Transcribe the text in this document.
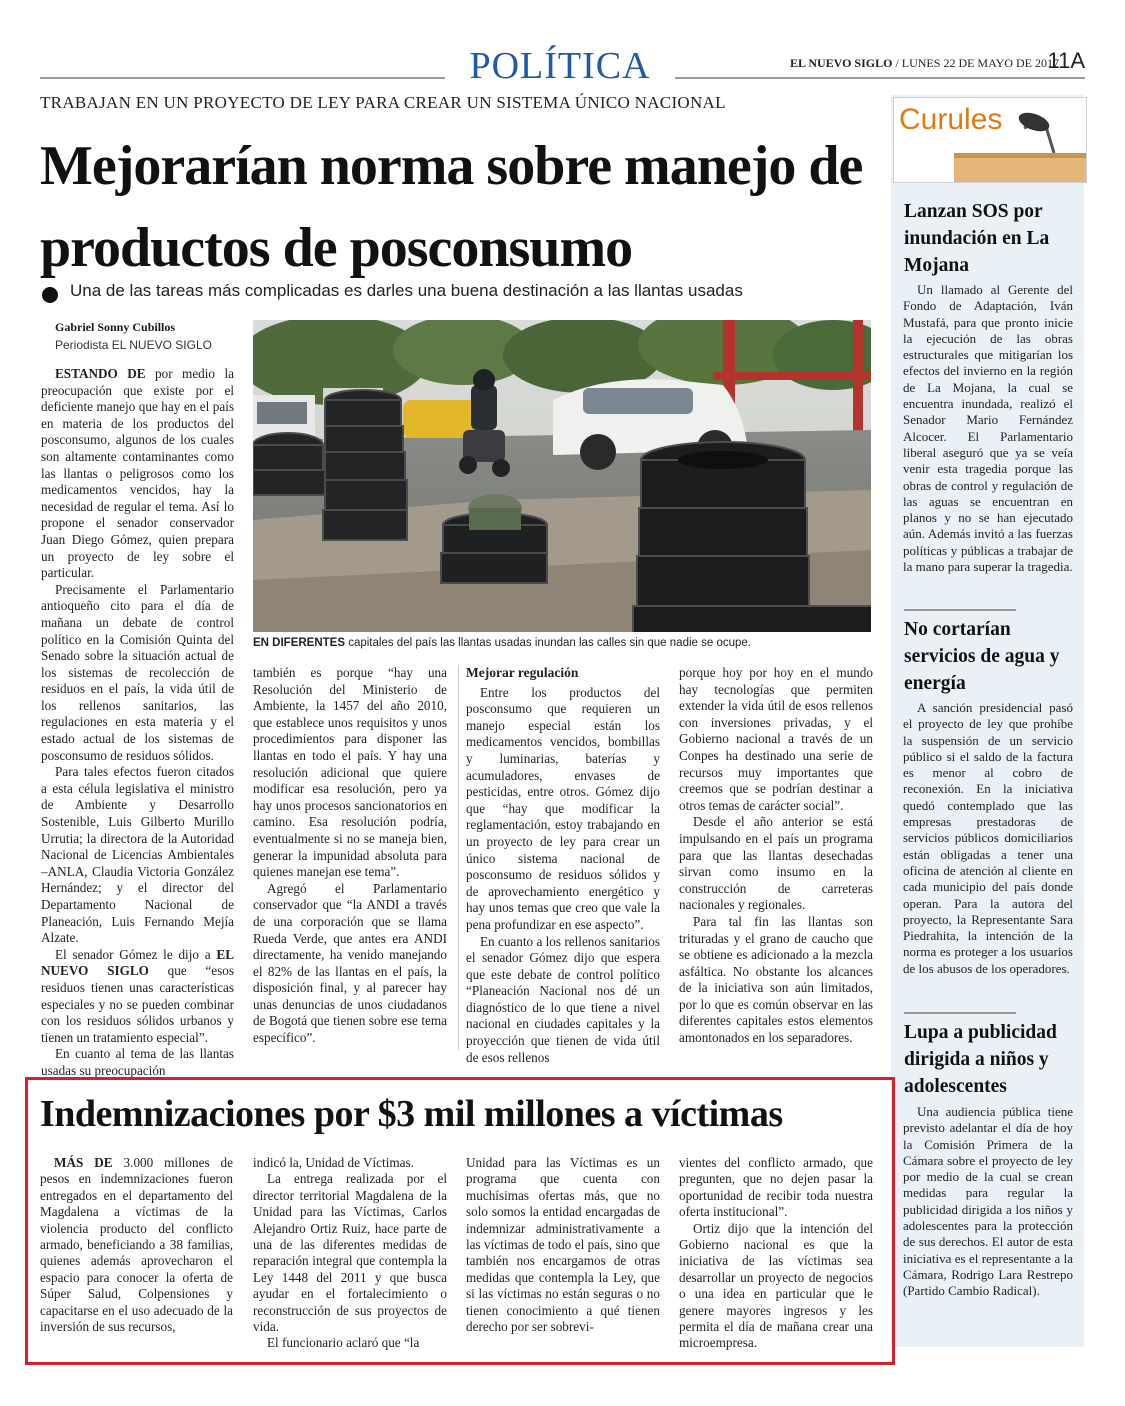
POLÍTICA	EL NUEVO SIGLO / LUNES 22 DE MAYO DE 2017
11A
TRABAJAN EN UN PROYECTO DE LEY PARA CREAR UN SISTEMA ÚNICO NACIONAL
Mejorarían norma sobre manejo de productos de posconsumo
Una de las tareas más complicadas es darles una buena destinación a las llantas usadas
Gabriel Sonny Cubillos
Periodista EL NUEVO SIGLO

ESTANDO DE por medio la preocupación que existe por el deficiente manejo que hay en el país en materia de los productos del posconsumo, algunos de los cuales son altamente contaminantes como las llantas o peligrosos como los medicamentos vencidos, hay la necesidad de regular el tema. Así lo propone el senador conservador Juan Diego Gómez, quien prepara un proyecto de ley sobre el particular.

Precisamente el Parlamentario antioqueño cito para el día de mañana un debate de control político en la Comisión Quinta del Senado sobre la situación actual de los sistemas de recolección de residuos en el país, la vida útil de los rellenos sanitarios, las regulaciones en esta materia y el estado actual de los sistemas de posconsumo de residuos sólidos.

Para tales efectos fueron citados a esta célula legislativa el ministro de Ambiente y Desarrollo Sostenible, Luis Gilberto Murillo Urrutia; la directora de la Autoridad Nacional de Licencias Ambientales –ANLA, Claudia Victoria González Hernández; y el director del Departamento Nacional de Planeación, Luis Fernando Mejía Alzate.

El senador Gómez le dijo a EL NUEVO SIGLO que “esos residuos tienen unas características especiales y no se pueden combinar con los residuos sólidos urbanos y tienen un tratamiento especial”.

En cuanto al tema de las llantas usadas su preocupación

EN DIFERENTES capitales del país las llantas usadas inundan las calles sin que nadie se ocupe.

también es porque “hay una Resolución del Ministerio de Ambiente, la 1457 del año 2010, que establece unos requisitos y unos procedimientos para disponer las llantas en todo el país. Y hay una resolución adicional que quiere modificar esa resolución, pero ya hay unos procesos sancionatorios en camino. Esa resolución podría, eventualmente si no se maneja bien, generar la impunidad absoluta para quienes manejan ese tema”.

Agregó el Parlamentario conservador que “la ANDI a través de una corporación que se llama Rueda Verde, que antes era ANDI directamente, ha venido manejando el 82% de las llantas en el país, la disposición final, y al parecer hay unas denuncias de unos ciudadanos de Bogotá que tienen sobre ese tema específico”.

Mejorar regulación

Entre los productos del posconsumo que requieren un manejo especial están los medicamentos vencidos, bombillas y luminarias, baterías y acumuladores, envases de pesticidas, entre otros. Gómez dijo que “hay que modificar la reglamentación, estoy trabajando en un proyecto de ley para crear un único sistema nacional de posconsumo de residuos sólidos y de aprovechamiento energético y hay unos temas que creo que vale la pena profundizar en ese aspecto”.

En cuanto a los rellenos sanitarios el senador Gómez dijo que espera que este debate de control político “Planeación Nacional nos dé un diagnóstico de lo que tiene a nivel nacional en ciudades capitales y la proyección que tienen de vida útil de esos rellenos

porque hoy por hoy en el mundo hay tecnologías que permiten extender la vida útil de esos rellenos con inversiones privadas, y el Gobierno nacional a través de un Conpes ha destinado una serie de recursos muy importantes que creemos que se podrían destinar a otros temas de carácter social”.

Desde el año anterior se está impulsando en el país un programa para que las llantas desechadas sirvan como insumo en la construcción de carreteras nacionales y regionales.

Para tal fin las llantas son trituradas y el grano de caucho que se obtiene es adicionado a la mezcla asfáltica. No obstante los alcances de la iniciativa son aún limitados, por lo que es común observar en las diferentes capitales estos elementos amontonados en los separadores.

Curules
Lanzan SOS por inundación en La Mojana

Un llamado al Gerente del Fondo de Adaptación, Iván Mustafá, para que pronto inicie la ejecución de las obras estructurales que mitigarían los efectos del invierno en la región de La Mojana, la cual se encuentra inundada, realizó el Senador Mario Fernández Alcocer. El Parlamentario liberal aseguró que ya se veía venir esta tragedia porque las obras de control y regulación de las aguas se encuentran en planos y no se han ejecutado aún. Además invitó a las fuerzas políticas y públicas a trabajar de la mano para superar la tragedia.

No cortarían servicios de agua y energía

A sanción presidencial pasó el proyecto de ley que prohíbe la suspensión de un servicio público si el saldo de la factura es menor al cobro de reconexión. En la iniciativa quedó contemplado que las empresas prestadoras de servicios públicos domiciliarios están obligadas a tener una oficina de atención al cliente en cada municipio del país donde operan. Para la autora del proyecto, la Representante Sara Piedrahita, la intención de la norma es proteger a los usuarios de los abusos de los operadores.

Lupa a publicidad dirigida a niños y adolescentes

Una audiencia pública tiene previsto adelantar el día de hoy la Comisión Primera de la Cámara sobre el proyecto de ley por medio de la cual se crean medidas para regular la publicidad dirigida a los niños y adolescentes para la protección de sus derechos. El autor de esta iniciativa es el representante a la Cámara, Rodrigo Lara Restrepo (Partido Cambio Radical).

Indemnizaciones por $3 mil millones a víctimas

MÁS DE 3.000 millones de pesos en indemnizaciones fueron entregados en el departamento del Magdalena a víctimas de la violencia producto del conflicto armado, beneficiando a 38 familias, quienes además aprovecharon el espacio para conocer la oferta de Súper Salud, Colpensiones y capacitarse en el uso adecuado de la inversión de sus recursos,

indicó la, Unidad de Víctimas.

La entrega realizada por el director territorial Magdalena de la Unidad para las Víctimas, Carlos Alejandro Ortiz Ruiz, hace parte de una de las diferentes medidas de reparación integral que contempla la Ley 1448 del 2011 y que busca ayudar en el fortalecimiento o reconstrucción de sus proyectos de vida.

El funcionario aclaró que “la

Unidad para las Víctimas es un programa que cuenta con muchísimas ofertas más, que no solo somos la entidad encargadas de indemnizar administrativamente a las víctimas de todo el país, sino que también nos encargamos de otras medidas que contempla la Ley, que si las víctimas no están seguras o no tienen conocimiento a qué tienen derecho por ser sobrevi-

vientes del conflicto armado, que pregunten, que no dejen pasar la oportunidad de recibir toda nuestra oferta institucional”.

Ortiz dijo que la intención del Gobierno nacional es que la iniciativa de las víctimas sea desarrollar un proyecto de negocios o una idea en particular que le genere mayores ingresos y les permita el día de mañana crear una microempresa.
